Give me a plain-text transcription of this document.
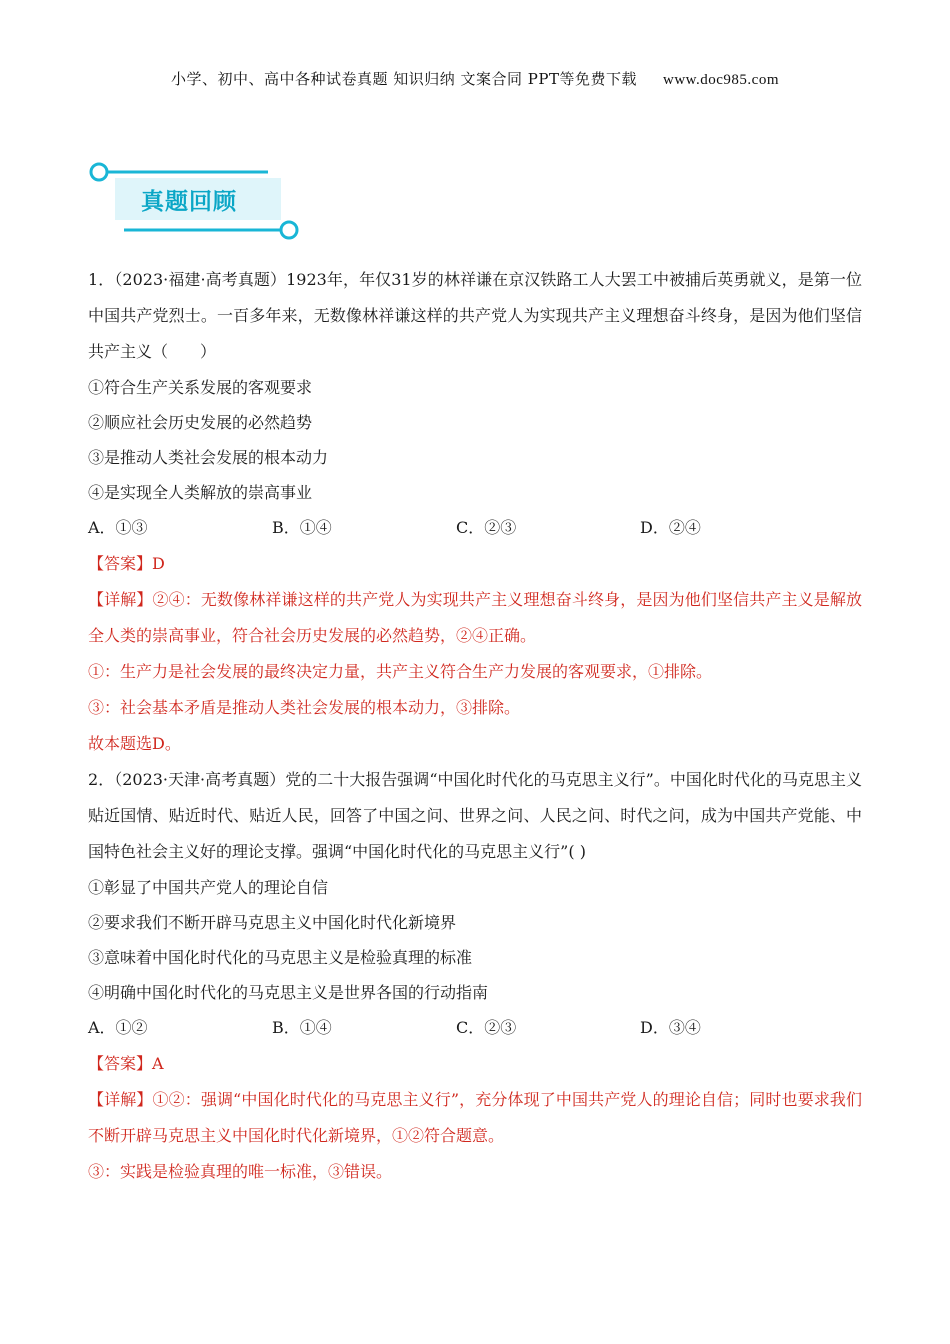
小学、初中、高中各种试卷真题 知识归纳 文案合同 PPT等免费下载 www.doc985.com
真题回顾

1．（2023·福建·高考真题）1923年，年仅31岁的林祥谦在京汉铁路工人大罢工中被捕后英勇就义，是第一位中国共产党烈士。一百多年来，无数像林祥谦这样的共产党人为实现共产主义理想奋斗终身，是因为他们坚信共产主义（　　）

①符合生产关系发展的客观要求

②顺应社会历史发展的必然趋势

③是推动人类社会发展的根本动力

④是实现全人类解放的崇高事业

A．①③	B．①④	C．②③	D．②④

【答案】D

【详解】②④：无数像林祥谦这样的共产党人为实现共产主义理想奋斗终身，是因为他们坚信共产主义是解放全人类的崇高事业，符合社会历史发展的必然趋势，②④正确。

①：生产力是社会发展的最终决定力量，共产主义符合生产力发展的客观要求，①排除。

③：社会基本矛盾是推动人类社会发展的根本动力，③排除。

故本题选D。

2．（2023·天津·高考真题）党的二十大报告强调“中国化时代化的马克思主义行”。中国化时代化的马克思主义贴近国情、贴近时代、贴近人民，回答了中国之问、世界之问、人民之问、时代之问，成为中国共产党能、中国特色社会主义好的理论支撑。强调“中国化时代化的马克思主义行”( )

①彰显了中国共产党人的理论自信

②要求我们不断开辟马克思主义中国化时代化新境界

③意味着中国化时代化的马克思主义是检验真理的标准

④明确中国化时代化的马克思主义是世界各国的行动指南

A．①②	B．①④	C．②③	D．③④

【答案】A

【详解】①②：强调“中国化时代化的马克思主义行”，充分体现了中国共产党人的理论自信；同时也要求我们不断开辟马克思主义中国化时代化新境界，①②符合题意。

③：实践是检验真理的唯一标准，③错误。
